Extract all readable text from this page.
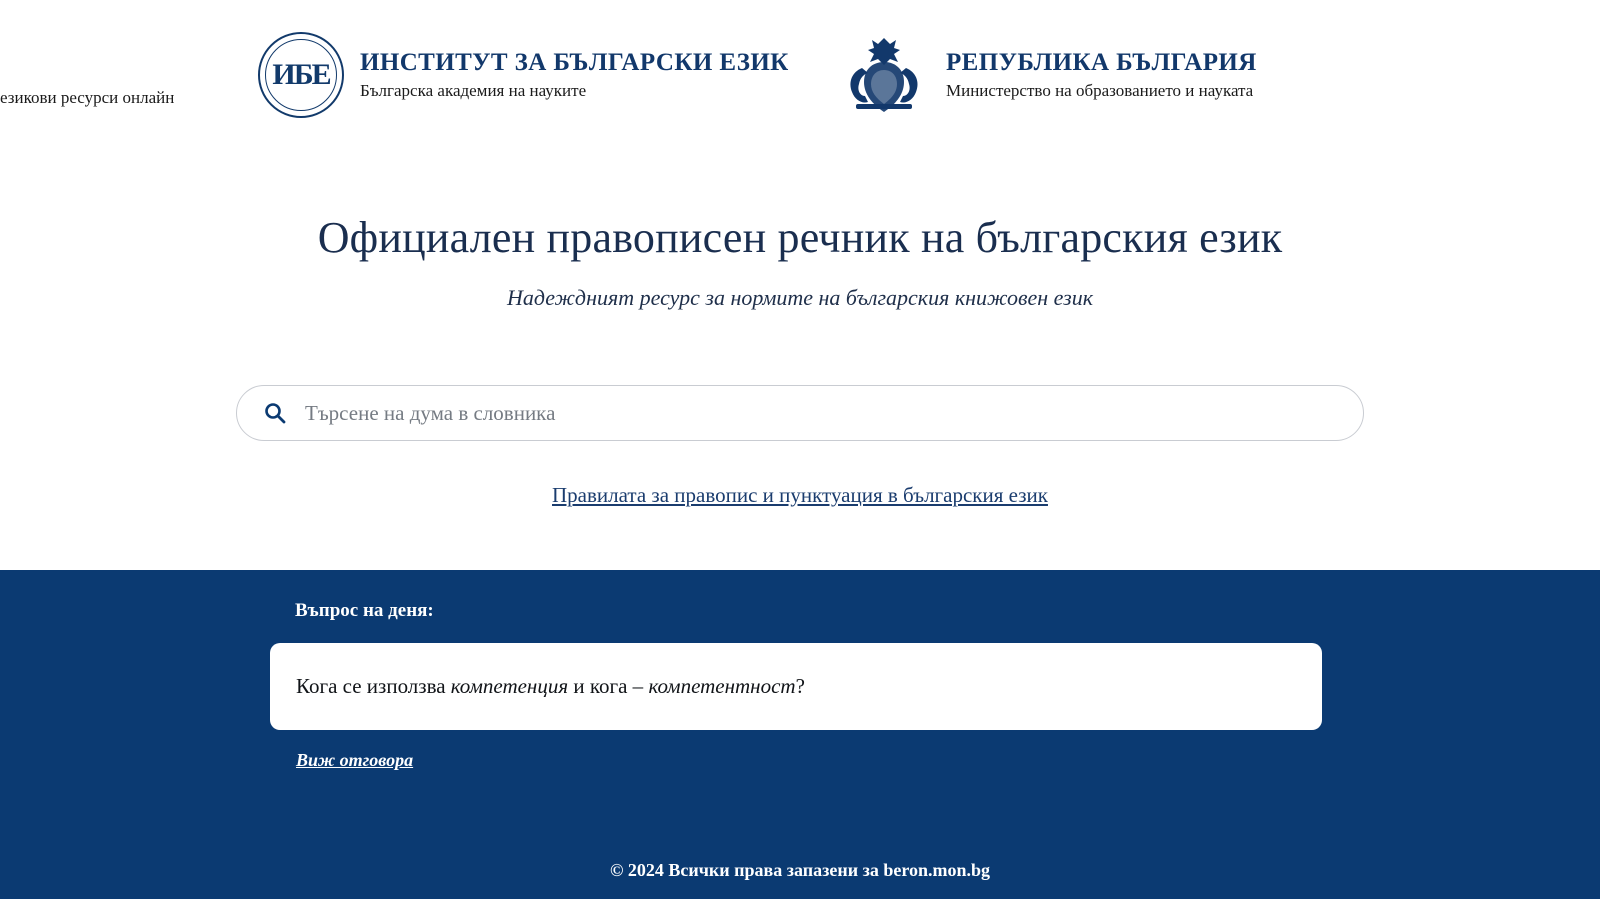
езикови ресурси онлайн
ИБЕ	ИНСТИТУТ ЗА БЪЛГАРСКИ ЕЗИК
Българска академия на науките
РЕПУБЛИКА БЪЛГАРИЯ
Министерство на образованието и науката
Официален правописен речник на българския език
Надеждният ресурс за нормите на българския книжовен език
Търсене на дума в словника
Правилата за правопис и пунктуация в българския език
Въпрос на деня:
Кога се използва компетенция и кога – компетентност?
Виж отговора
© 2024 Всички права запазени за beron.mon.bg
